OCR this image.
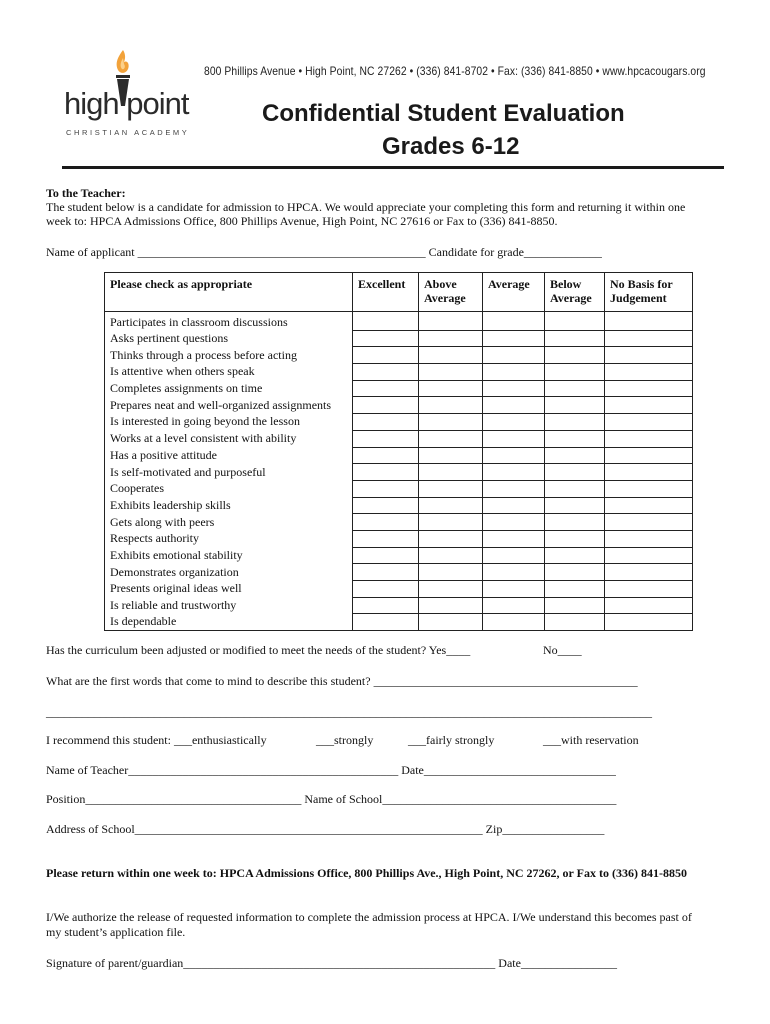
high point
CHRISTIAN ACADEMY
800 Phillips Avenue • High Point, NC 27262 • (336) 841-8702 • Fax: (336) 841-8850 • www.hpcacougars.org
Confidential Student Evaluation
Grades 6-12
To the Teacher:
The student below is a candidate for admission to HPCA. We would appreciate your completing this form and returning it within one
week to: HPCA Admissions Office, 800 Phillips Avenue, High Point, NC 27616 or Fax to (336) 841-8850.
Name of applicant ________________________________________________ Candidate for grade_____________
Please check as appropriate	Excellent	Above Average	Average	Below Average	No Basis for Judgement
Participates in classroom discussions					
Asks pertinent questions					
Thinks through a process before acting					
Is attentive when others speak					
Completes assignments on time					
Prepares neat and well-organized assignments					
Is interested in going beyond the lesson					
Works at a level consistent with ability					
Has a positive attitude					
Is self-motivated and purposeful					
Cooperates					
Exhibits leadership skills					
Gets along with peers					
Respects authority					
Exhibits emotional stability					
Demonstrates organization					
Presents original ideas well					
Is reliable and trustworthy					
Is dependable					
Has the curriculum been adjusted or modified to meet the needs of the student? Yes____	No____
What are the first words that come to mind to describe this student? ____________________________________________
_____________________________________________________________________________________________________
I recommend this student: ___enthusiastically	___strongly	___fairly strongly	___with reservation
Name of Teacher_____________________________________________ Date________________________________
Position____________________________________ Name of School_______________________________________
Address of School__________________________________________________________ Zip_________________
Please return within one week to: HPCA Admissions Office, 800 Phillips Ave., High Point, NC 27262, or Fax to (336) 841-8850
I/We authorize the release of requested information to complete the admission process at HPCA. I/We understand this becomes past of
my student’s application file.
Signature of parent/guardian____________________________________________________ Date________________
